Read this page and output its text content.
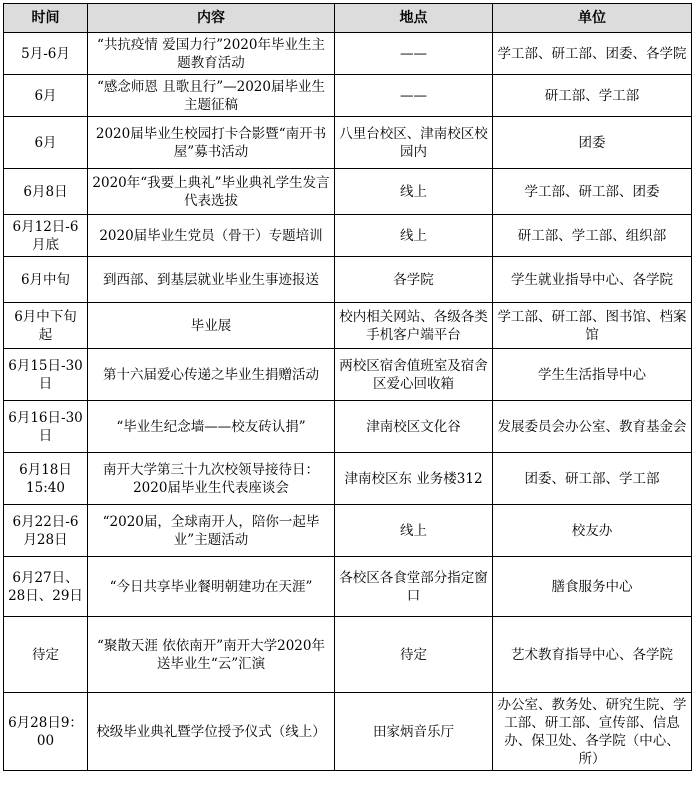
时间	内容	地点	单位
5月-6月	“共抗疫情 爱国力行”2020年毕业生主题教育活动	——	学工部、研工部、团委、各学院
6月	“感念师恩 且歌且行”—2020届毕业生主题征稿	——	研工部、学工部
6月	2020届毕业生校园打卡合影暨“南开书屋”募书活动	八里台校区、津南校区校园内	团委
6月8日	2020年“我要上典礼”毕业典礼学生发言代表选拔	线上	学工部、研工部、团委
6月12日-6月底	2020届毕业生党员（骨干）专题培训	线上	研工部、学工部、组织部
6月中旬	到西部、到基层就业毕业生事迹报送	各学院	学生就业指导中心、各学院
6月中下旬起	毕业展	校内相关网站、各级各类手机客户端平台	学工部、研工部、图书馆、档案馆
6月15日-30日	第十六届爱心传递之毕业生捐赠活动	两校区宿舍值班室及宿舍区爱心回收箱	学生生活指导中心
6月16日-30日	“毕业生纪念墙——校友砖认捐”	津南校区文化谷	发展委员会办公室、教育基金会
6月18日15:40	南开大学第三十九次校领导接待日：2020届毕业生代表座谈会	津南校区东 业务楼312	团委、研工部、学工部
6月22日-6月28日	“2020届，全球南开人，陪你一起毕业”主题活动	线上	校友办
6月27日、28日、29日	“今日共享毕业餐明朝建功在天涯”	各校区各食堂部分指定窗口	膳食服务中心
待定	“聚散天涯 依依南开”南开大学2020年送毕业生“云”汇演	待定	艺术教育指导中心、各学院
6月28日9：00	校级毕业典礼暨学位授予仪式（线上）	田家炳音乐厅	办公室、教务处、研究生院、学工部、研工部、宣传部、信息办、保卫处、各学院（中心、所）
